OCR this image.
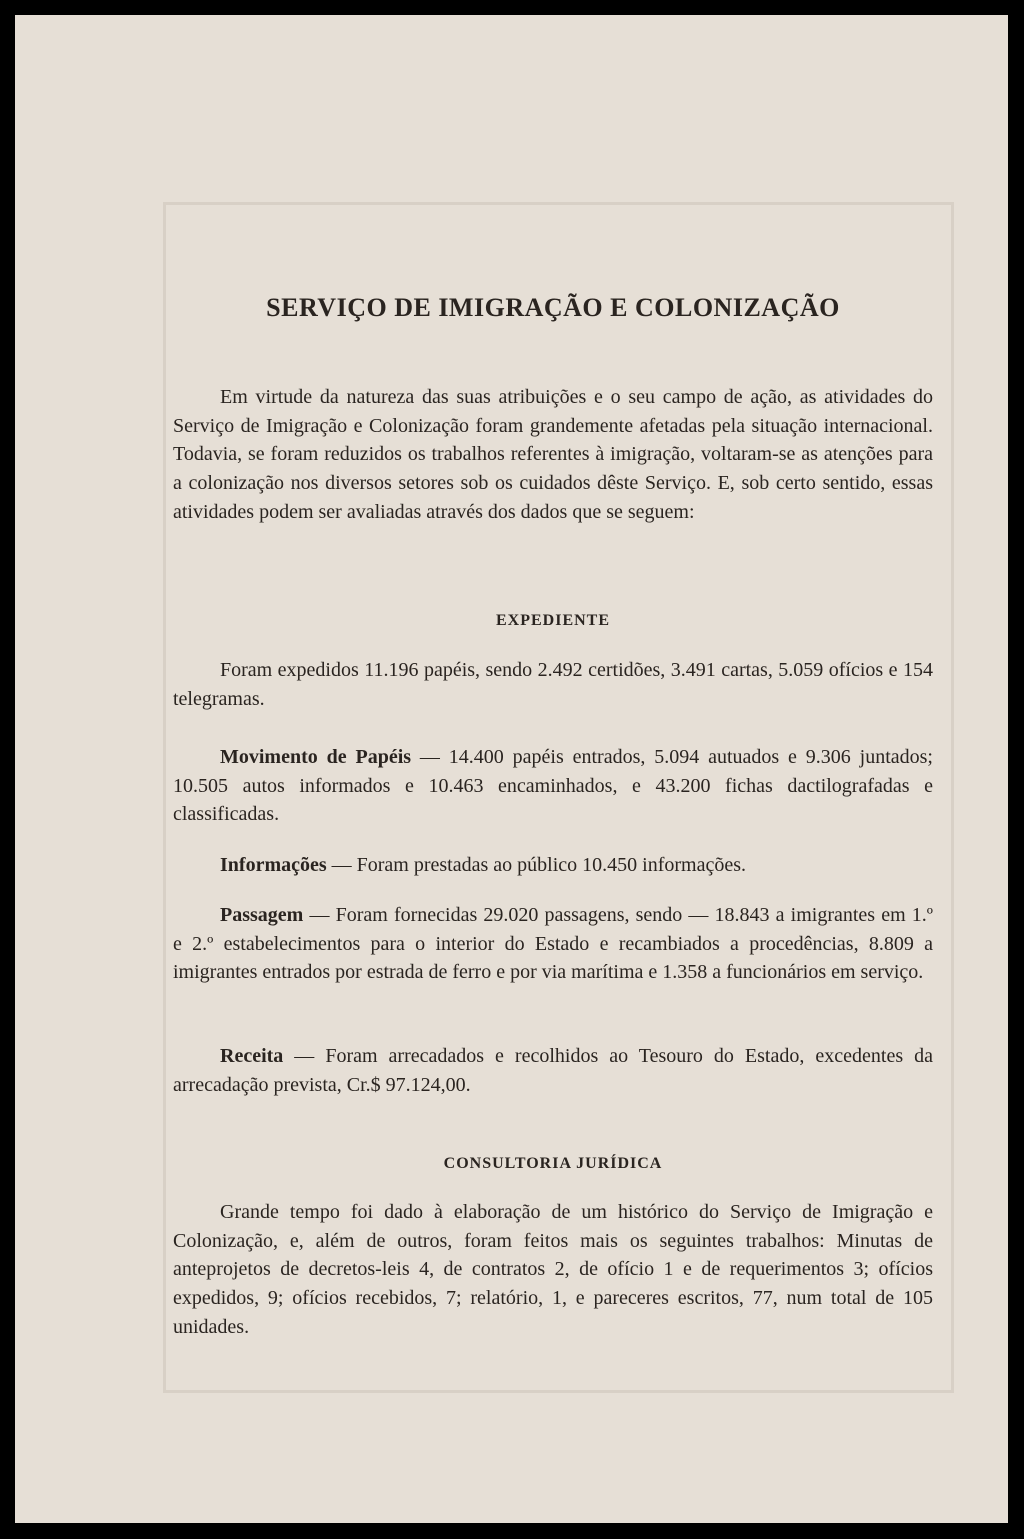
SERVIÇO DE IMIGRAÇÃO E COLONIZAÇÃO

Em virtude da natureza das suas atribuições e o seu campo de ação, as atividades do Serviço de Imigração e Colonização foram grandemente afetadas pela situação internacional. Todavia, se foram reduzidos os trabalhos referentes à imigração, voltaram-se as atenções para a colonização nos diversos setores sob os cuidados dêste Serviço. E, sob certo sentido, essas atividades podem ser avaliadas através dos dados que se seguem:

EXPEDIENTE

Foram expedidos 11.196 papéis, sendo 2.492 certidões, 3.491 cartas, 5.059 ofícios e 154 telegramas.

Movimento de Papéis — 14.400 papéis entrados, 5.094 autuados e 9.306 juntados; 10.505 autos informados e 10.463 encaminhados, e 43.200 fichas dactilografadas e classificadas.

Informações — Foram prestadas ao público 10.450 informações.

Passagem — Foram fornecidas 29.020 passagens, sendo — 18.843 a imigrantes em 1.º e 2.º estabelecimentos para o interior do Estado e recambiados a procedências, 8.809 a imigrantes entrados por estrada de ferro e por via marítima e 1.358 a funcionários em serviço.

Receita — Foram arrecadados e recolhidos ao Tesouro do Estado, excedentes da arrecadação prevista, Cr.$ 97.124,00.

CONSULTORIA JURÍDICA

Grande tempo foi dado à elaboração de um histórico do Serviço de Imigração e Colonização, e, além de outros, foram feitos mais os seguintes trabalhos: Minutas de anteprojetos de decretos-leis 4, de contratos 2, de ofício 1 e de requerimentos 3; ofícios expedidos, 9; ofícios recebidos, 7; relatório, 1, e pareceres escritos, 77, num total de 105 unidades.
